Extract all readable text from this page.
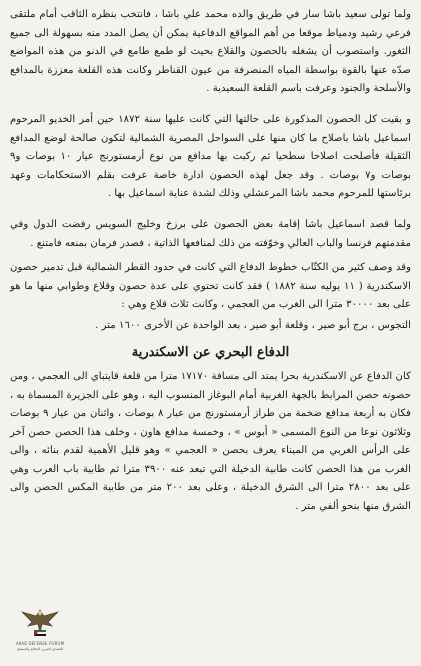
ولما تولى سعيد باشا سار في طريق والده محمد علي باشا ، فانتخب بنظره الثاقب أمام ملتقى فرعي رشيد ودمياط موقعا من أهم المواقع الدفاعية يمكن أن يصل المدد منه بسهولة الى جميع الثغور. واستصوب أن يشغله بالحصون والقلاع بحيث لو طمع طامع في الدنو من هذه المواضع صدّه عنها بالقوة بواسطة المياه المنصرفة من عيون القناطر وكانت هذه القلعة معززة بالمدافع والأسلحة والجنود وعرفت باسم القلعة السعيدية .

و بقيت كل الحصون المذكورة على حالتها التي كانت عليها سنة ١٨٧٢ حين أمر الخديو المرحوم اسماعيل باشا باصلاح ما كان منها على السواحل المصرية الشمالية لتكون صالحة لوضع المدافع الثقيلة فأصلحت اصلاحا سطحيا ثم ركبت بها مدافع من نوع أرمستورنج عيار ١٠ بوصات و٩ بوصات و٧ بوصات . وقد جعل لهذه الحصون ادارة خاصة عرفت بقلم الاستحكامات وعهد برئاستها للمرحوم محمد باشا المرعشلي وذلك لشدة عناية اسماعيل بها .

ولما قصد اسماعيل باشا إقامة بعض الحصون على برزخ وخليج السويس رفضت الدول وفي مقدمتهم فرنسا والباب العالي وخوّفته من ذلك لمنافعها الذاتية ، فصدر فرمان بمنعه فامتنع .

وقد وصف كثير من الكتّاب خطوط الدفاع التي كانت في حدود القطر الشمالية قبل تدمير حصون الاسكندرية ( ١١ يوليه سنة ١٨٨٢ ) فقد كانت تحتوي على عدة حصون وقلاع وطوابي منها ما هو على بعد ٣٠٠٠٠ مترا الى الغرب من العجمي ، وكانت ثلاث قلاع وهي :

التجوس ، برج أبو صير ، وقلعة أبو صير ، بعد الواحدة عن الأخرى ١٦٠٠ متر .
الدفاع البحري عن الاسكندرية

كان الدفاع عن الاسكندرية بحرا يمتد الى مسافة ١٧١٧٠ مترا من قلعة قايتباي الى العجمي ، ومن حصونه حصن المرابط بالجهة الغربية أمام البوغاز المنسوب اليه ، وهو على الجزيرة المسماة به ، فكان به أربعة مدافع ضخمة من طراز أرمستورنج من عيار ٨ بوصات ، واثنان من عيار ٩ بوصات وثلاثون نوعا من النوع المسمى « أبوس » ، وخمسة مدافع هاون ، وخلف هذا الحصن حصن آخر على الرأس الغربي من الميناء يعرف بحصن « العجمي » وهو قليل الأهمية لقدم بنائه ، والى الغرب من هذا الحصن كانت طابية الدخيلة التي تبعد عنه ٣٩٠٠ مترا ثم طابية باب العرب وهي على بعد ٢٨٠٠ مترا الى الشرق الدخيلة ، وعلى بعد ٢٠٠ متر من طابية المكس الحصن والى الشرق منها بنحو ألفي متر .

ARAB DEFENSE FORUM
المنتدى العربي للدفاع والتسليح
